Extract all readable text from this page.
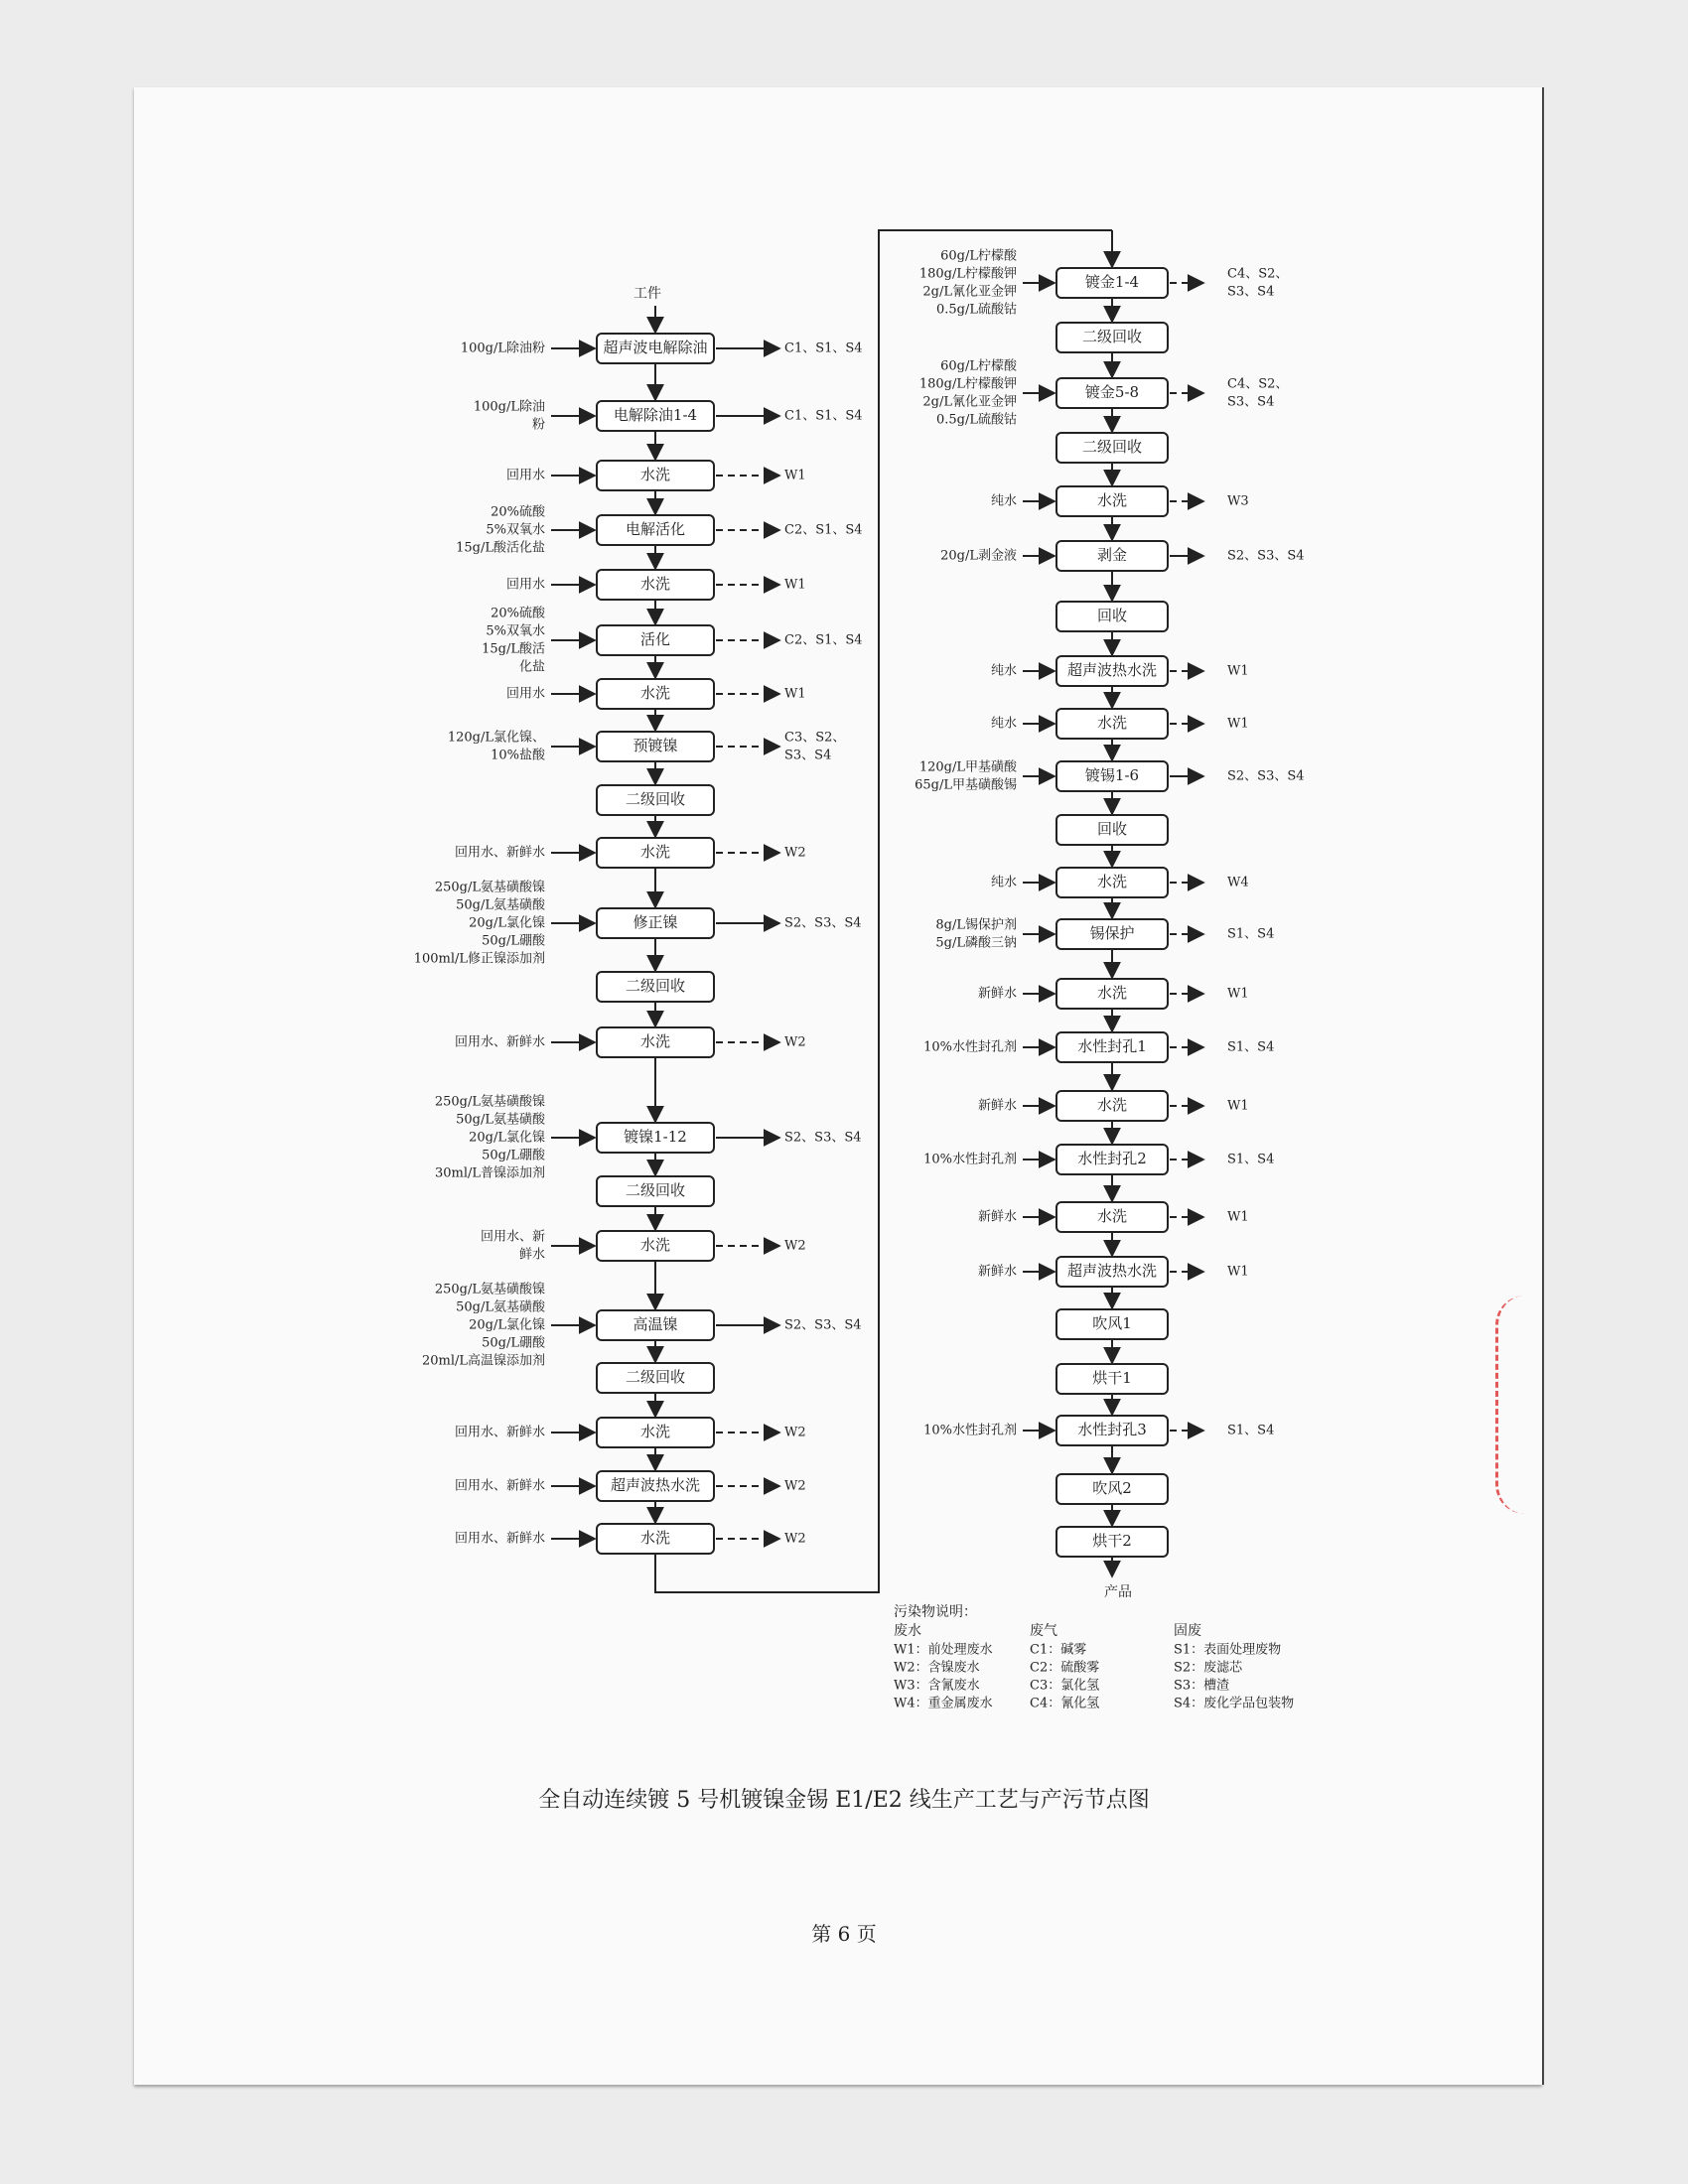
超声波电解除油
100g/L除油粉	C1、S1、S4
电解除油1-4
100g/L除油
粉
C1、S1、S4
水洗
回用水	W1
电解活化
20%硫酸
5%双氧水
15g/L酸活化盐
C2、S1、S4
水洗
回用水	W1
活化
20%硫酸
5%双氧水
15g/L酸活
化盐
C2、S1、S4
水洗
回用水	W1
预镀镍
120g/L氯化镍、
10%盐酸
C3、S2、
S3、S4
二级回收
水洗
回用水、新鲜水	W2
修正镍
250g/L氨基磺酸镍
50g/L氨基磺酸
20g/L氯化镍
50g/L硼酸
100ml/L修正镍添加剂
S2、S3、S4
二级回收
水洗
回用水、新鲜水	W2
镀镍1-12
250g/L氨基磺酸镍
50g/L氨基磺酸
20g/L氯化镍
50g/L硼酸
30ml/L普镍添加剂
S2、S3、S4
二级回收
水洗
回用水、新
鲜水
W2
高温镍
250g/L氨基磺酸镍
50g/L氨基磺酸
20g/L氯化镍
50g/L硼酸
20ml/L高温镍添加剂
S2、S3、S4
二级回收
水洗
回用水、新鲜水	W2
超声波热水洗
回用水、新鲜水	W2
水洗
回用水、新鲜水	W2
镀金1-4
60g/L柠檬酸
180g/L柠檬酸钾
2g/L氰化亚金钾
0.5g/L硫酸钴
C4、S2、
S3、S4
二级回收
镀金5-8
60g/L柠檬酸
180g/L柠檬酸钾
2g/L氰化亚金钾
0.5g/L硫酸钴
C4、S2、
S3、S4
二级回收
水洗
纯水	W3
剥金
20g/L剥金液	S2、S3、S4
回收
超声波热水洗
纯水	W1
水洗
纯水	W1
镀锡1-6
120g/L甲基磺酸
65g/L甲基磺酸锡
S2、S3、S4
回收
水洗
纯水	W4
锡保护
8g/L锡保护剂
5g/L磷酸三钠
S1、S4
水洗
新鲜水	W1
水性封孔1
10%水性封孔剂	S1、S4
水洗
新鲜水	W1
水性封孔2
10%水性封孔剂	S1、S4
水洗
新鲜水	W1
超声波热水洗
新鲜水	W1
吹风1
烘干1
水性封孔3
10%水性封孔剂	S1、S4
吹风2
烘干2
工件
产品
污染物说明：
废水
W1：前处理废水
W2：含镍废水
W3：含氰废水
W4：重金属废水
废气
C1：碱雾
C2：硫酸雾
C3：氯化氢
C4：氰化氢
固废
S1：表面处理废物
S2：废滤芯
S3：槽渣
S4：废化学品包装物
全自动连续镀 5 号机镀镍金锡 E1/E2 线生产工艺与产污节点图
第 6 页
